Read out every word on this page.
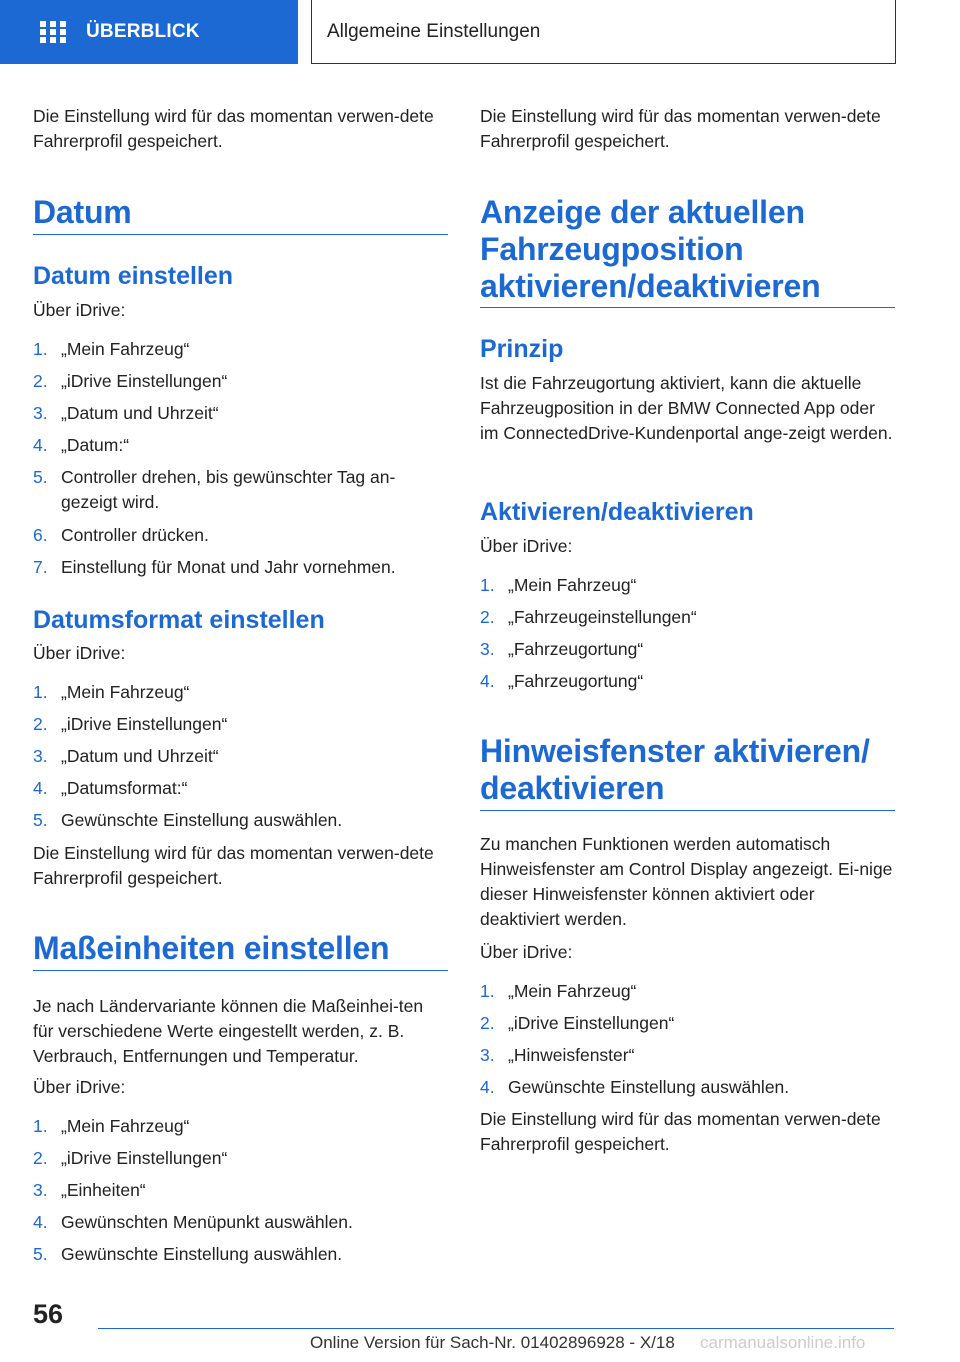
ÜBERBLICK	Allgemeine Einstellungen

Die Einstellung wird für das momentan verwen-dete Fahrerprofil gespeichert.

Datum
Datum einstellen

Über iDrive:

1. „Mein Fahrzeug“
2. „iDrive Einstellungen“
3. „Datum und Uhrzeit“
4. „Datum:“
5. Controller drehen, bis gewünschter Tag an-gezeigt wird.
6. Controller drücken.
7. Einstellung für Monat und Jahr vornehmen.
Datumsformat einstellen

Über iDrive:

1. „Mein Fahrzeug“
2. „iDrive Einstellungen“
3. „Datum und Uhrzeit“
4. „Datumsformat:“
5. Gewünschte Einstellung auswählen.

Die Einstellung wird für das momentan verwen-dete Fahrerprofil gespeichert.

Maßeinheiten einstellen

Je nach Ländervariante können die Maßeinhei-ten für verschiedene Werte eingestellt werden, z. B. Verbrauch, Entfernungen und Temperatur.

Über iDrive:

1. „Mein Fahrzeug“
2. „iDrive Einstellungen“
3. „Einheiten“
4. Gewünschten Menüpunkt auswählen.
5. Gewünschte Einstellung auswählen.

Die Einstellung wird für das momentan verwen-dete Fahrerprofil gespeichert.

Anzeige der aktuellen Fahrzeugposition aktivieren/deaktivieren
Prinzip

Ist die Fahrzeugortung aktiviert, kann die aktuelle Fahrzeugposition in der BMW Connected App oder im ConnectedDrive-Kundenportal ange-zeigt werden.

Aktivieren/deaktivieren

Über iDrive:

1. „Mein Fahrzeug“
2. „Fahrzeugeinstellungen“
3. „Fahrzeugortung“
4. „Fahrzeugortung“
Hinweisfenster aktivieren/ deaktivieren

Zu manchen Funktionen werden automatisch Hinweisfenster am Control Display angezeigt. Ei-nige dieser Hinweisfenster können aktiviert oder deaktiviert werden.

Über iDrive:

1. „Mein Fahrzeug“
2. „iDrive Einstellungen“
3. „Hinweisfenster“
4. Gewünschte Einstellung auswählen.

Die Einstellung wird für das momentan verwen-dete Fahrerprofil gespeichert.

56
Online Version für Sach-Nr. 01402896928 - X/18 carmanualsonline.info
